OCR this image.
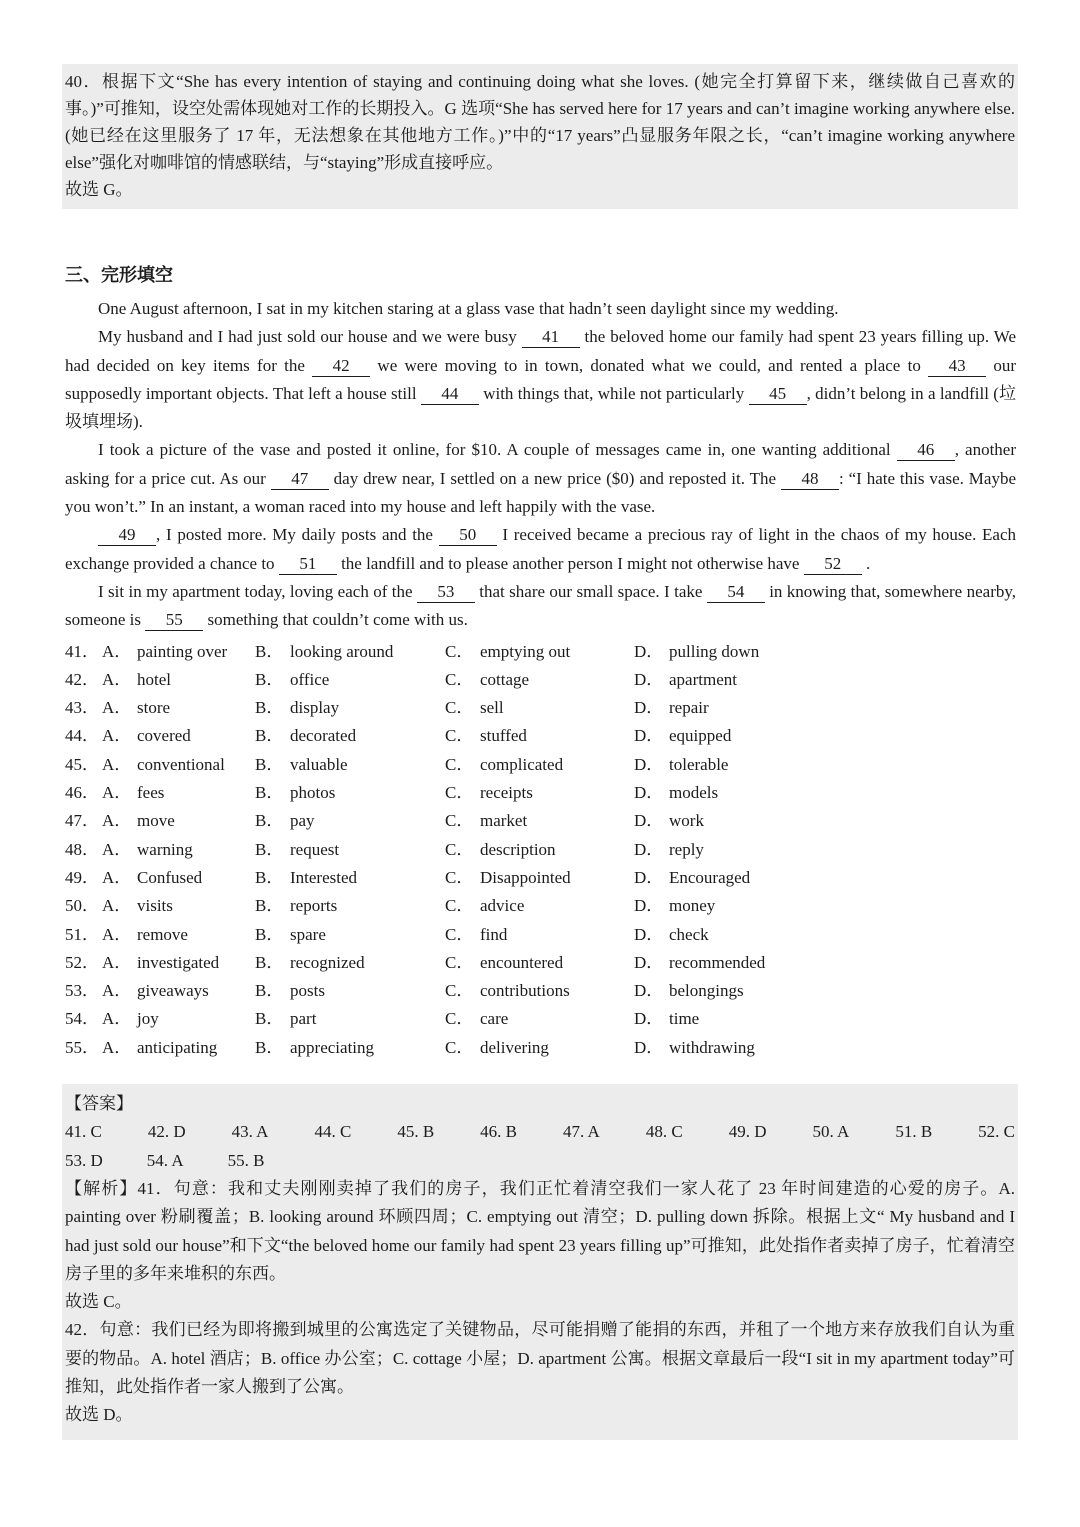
40．根据下文“She has every intention of staying and continuing doing what she loves. (她完全打算留下来，继续做自己喜欢的事。)”可推知，设空处需体现她对工作的长期投入。G 选项“She has served here for 17 years and can’t imagine working anywhere else. (她已经在这里服务了 17 年，无法想象在其他地方工作。)”中的“17 years”凸显服务年限之长，“can’t imagine working anywhere else”强化对咖啡馆的情感联结，与“staying”形成直接呼应。

故选 G。

三、完形填空

One August afternoon, I sat in my kitchen staring at a glass vase that hadn’t seen daylight since my wedding.

My husband and I had just sold our house and we were busy 41 the beloved home our family had spent 23 years filling up. We had decided on key items for the 42 we were moving to in town, donated what we could, and rented a place to 43 our supposedly important objects. That left a house still 44 with things that, while not particularly 45 , didn’t belong in a landfill (垃圾填埋场).

I took a picture of the vase and posted it online, for $10. A couple of messages came in, one wanting additional 46 , another asking for a price cut. As our 47 day drew near, I settled on a new price ($0) and reposted it. The 48 : “I hate this vase. Maybe you won’t.” In an instant, a woman raced into my house and left happily with the vase.

49 , I posted more. My daily posts and the 50 I received became a precious ray of light in the chaos of my house. Each exchange provided a chance to 51 the landfill and to please another person I might not otherwise have 52 .

I sit in my apartment today, loving each of the 53 that share our small space. I take 54 in knowing that, somewhere nearby, someone is 55 something that couldn’t come with us.

41． A． painting over	B． looking around	C． emptying out	D． pulling down
42． A． hotel	B． office	C． cottage	D． apartment
43． A． store	B． display	C． sell	D． repair
44． A． covered	B． decorated	C． stuffed	D． equipped
45． A． conventional	B． valuable	C． complicated	D． tolerable
46． A． fees	B． photos	C． receipts	D． models
47． A． move	B． pay	C． market	D． work
48． A． warning	B． request	C． description	D． reply
49． A． Confused	B． Interested	C． Disappointed	D． Encouraged
50． A． visits	B． reports	C． advice	D． money
51． A． remove	B． spare	C． find	D． check
52． A． investigated	B． recognized	C． encountered	D． recommended
53． A． giveaways	B． posts	C． contributions	D． belongings
54． A． joy	B． part	C． care	D． time
55． A． anticipating	B． appreciating	C． delivering	D． withdrawing

【答案】

41. C	42. D	43. A	44. C	45. B	46. B	47. A	48. C	49. D	50. A	51. B	52. C
53. D	54. A	55. B

【解析】41．句意：我和丈夫刚刚卖掉了我们的房子，我们正忙着清空我们一家人花了 23 年时间建造的心爱的房子。A. painting over 粉刷覆盖；B. looking around 环顾四周；C. emptying out 清空；D. pulling down 拆除。根据上文“ My husband and I had just sold our house”和下文“the beloved home our family had spent 23 years filling up”可推知，此处指作者卖掉了房子，忙着清空房子里的多年来堆积的东西。

故选 C。

42．句意：我们已经为即将搬到城里的公寓选定了关键物品，尽可能捐赠了能捐的东西，并租了一个地方来存放我们自认为重要的物品。A. hotel 酒店；B. office 办公室；C. cottage 小屋；D. apartment 公寓。根据文章最后一段“I sit in my apartment today”可推知，此处指作者一家人搬到了公寓。

故选 D。
